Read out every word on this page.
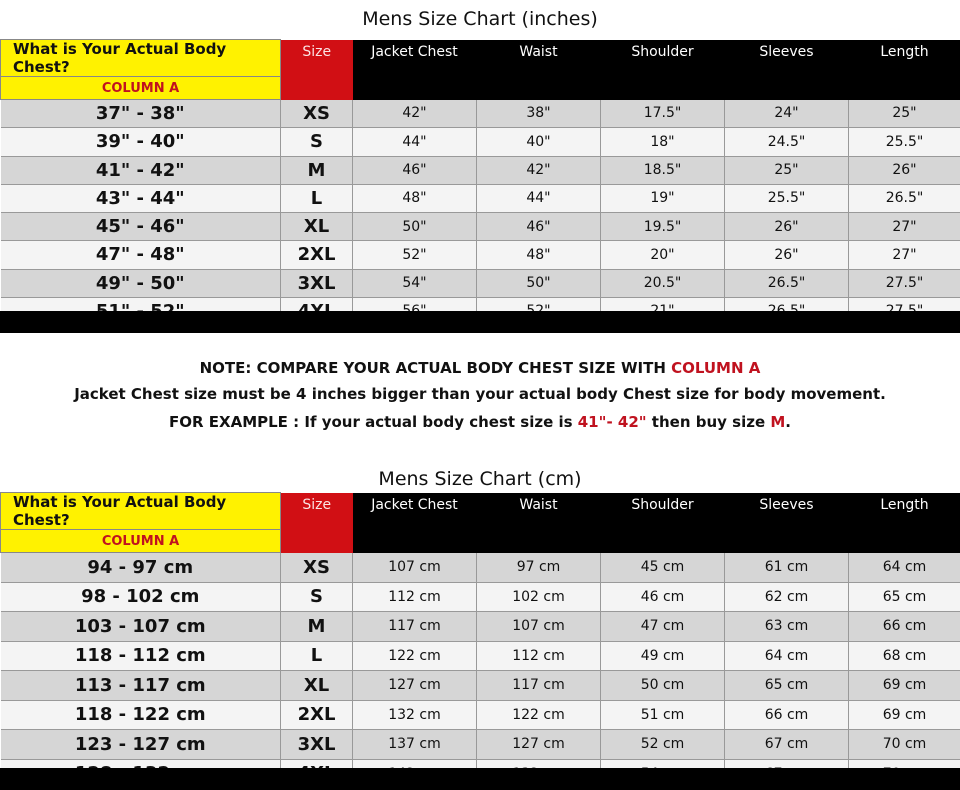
Mens Size Chart (inches)
What is Your Actual Body Chest?	Size	Jacket Chest	Waist	Shoulder	Sleeves	Length
COLUMN A						
37" - 38"	XS	42"	38"	17.5"	24"	25"
39" - 40"	S	44"	40"	18"	24.5"	25.5"
41" - 42"	M	46"	42"	18.5"	25"	26"
43" - 44"	L	48"	44"	19"	25.5"	26.5"
45" - 46"	XL	50"	46"	19.5"	26"	27"
47" - 48"	2XL	52"	48"	20"	26"	27"
49" - 50"	3XL	54"	50"	20.5"	26.5"	27.5"

NOTE: COMPARE YOUR ACTUAL BODY CHEST SIZE WITH COLUMN A
Jacket Chest size must be 4 inches bigger than your actual body Chest size for body movement.
FOR EXAMPLE : If your actual body chest size is 41"- 42" then buy size M.
Mens Size Chart (cm)
What is Your Actual Body Chest?	Size	Jacket Chest	Waist	Shoulder	Sleeves	Length
COLUMN A						
94 - 97 cm	XS	107 cm	97 cm	45 cm	61 cm	64 cm
98 - 102 cm	S	112 cm	102 cm	46 cm	62 cm	65 cm
103 - 107 cm	M	117 cm	107 cm	47 cm	63 cm	66 cm
118 - 112 cm	L	122 cm	112 cm	49 cm	64 cm	68 cm
113 - 117 cm	XL	127 cm	117 cm	50 cm	65 cm	69 cm
118 - 122 cm	2XL	132 cm	122 cm	51 cm	66 cm	69 cm
123 - 127 cm	3XL	137 cm	127 cm	52 cm	67 cm	70 cm
